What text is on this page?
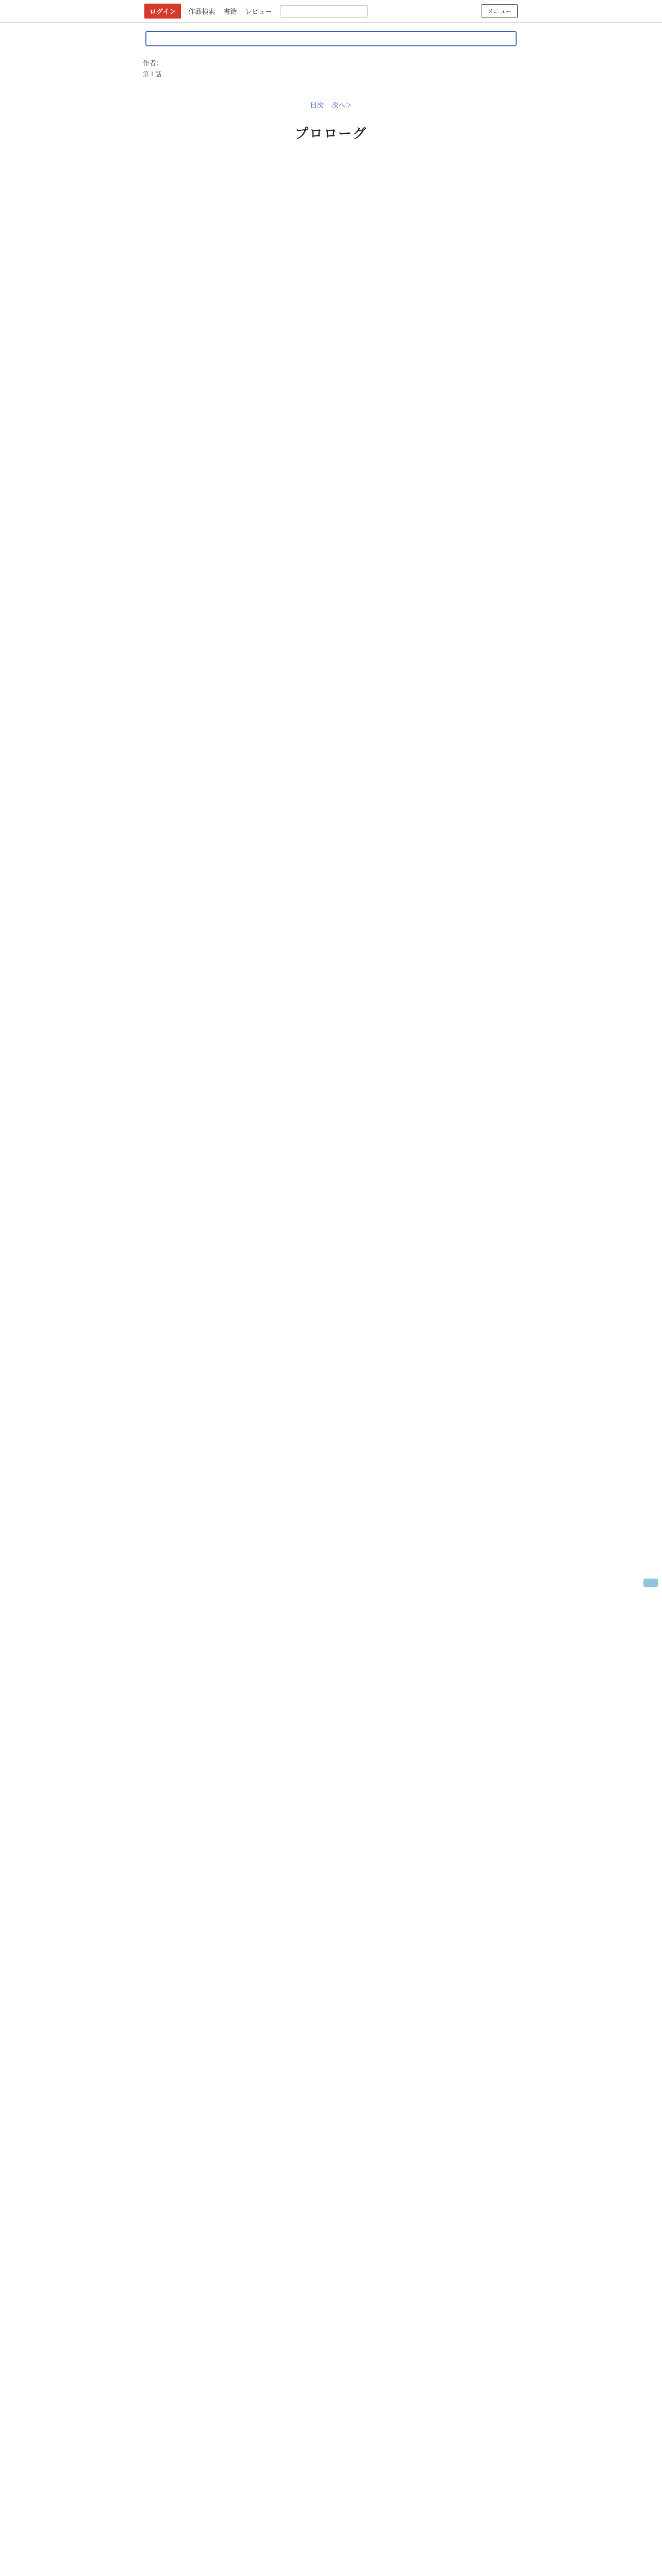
ログイン	作品検索 書籍 レビュー	メニュー
作者：
第１話
目次 次へ＞
プロローグ
